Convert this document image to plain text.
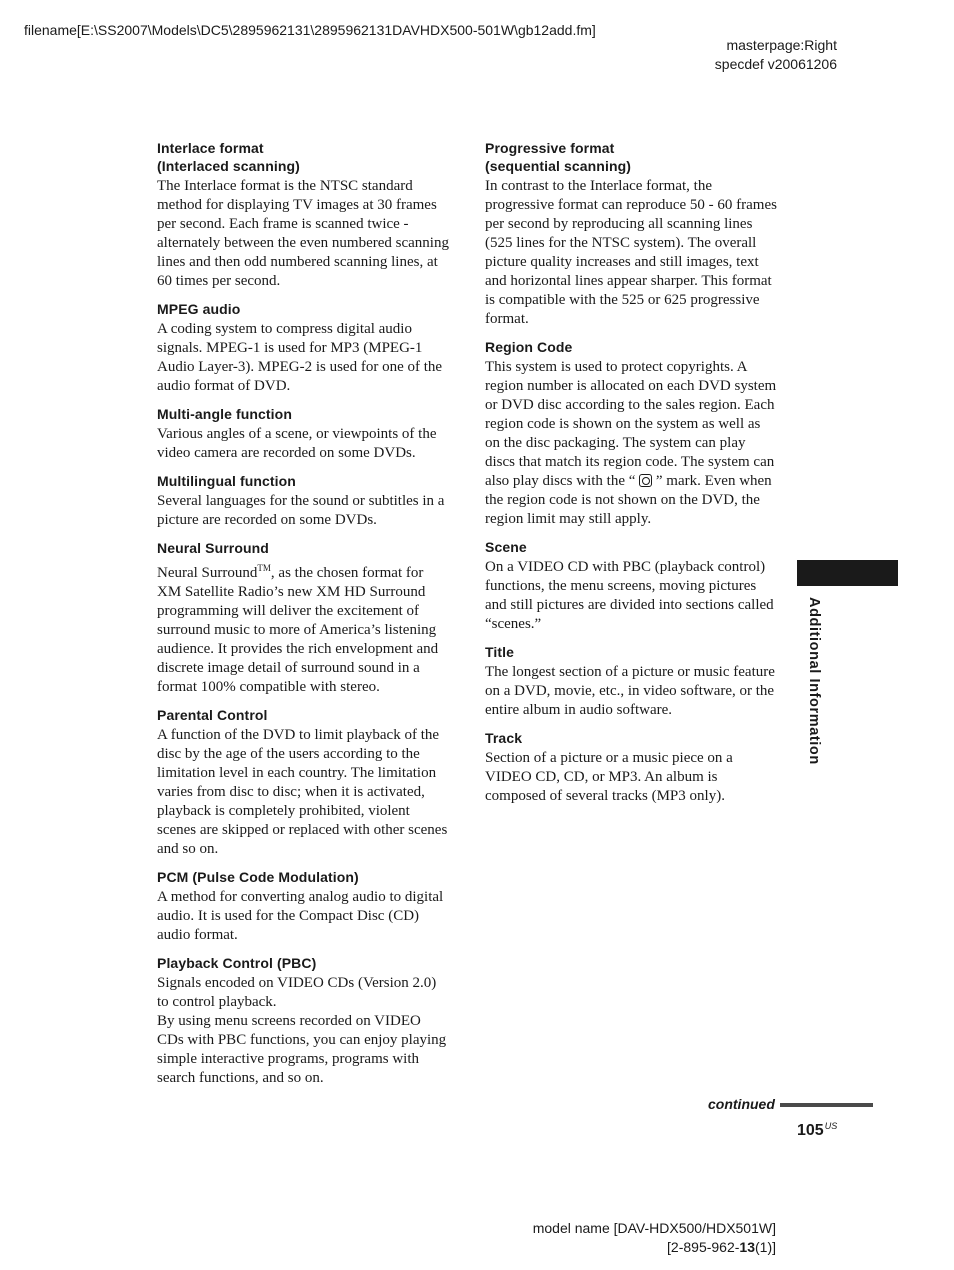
filename[E:\SS2007\Models\DC5\2895962131\2895962131DAVHDX500-501W\gb12add.fm]
masterpage:Right
specdef v20061206
Interlace format
(Interlaced scanning)
The Interlace format is the NTSC standard method for displaying TV images at 30 frames per second. Each frame is scanned twice - alternately between the even numbered scanning lines and then odd numbered scanning lines, at 60 times per second.
MPEG audio
A coding system to compress digital audio signals. MPEG-1 is used for MP3 (MPEG-1 Audio Layer-3). MPEG-2 is used for one of the audio format of DVD.
Multi-angle function
Various angles of a scene, or viewpoints of the video camera are recorded on some DVDs.
Multilingual function
Several languages for the sound or subtitles in a picture are recorded on some DVDs.
Neural Surround
Neural Surround™, as the chosen format for XM Satellite Radio’s new XM HD Surround programming will deliver the excitement of surround music to more of America’s listening audience. It provides the rich envelopment and discrete image detail of surround sound in a format 100% compatible with stereo.
Parental Control
A function of the DVD to limit playback of the disc by the age of the users according to the limitation level in each country. The limitation varies from disc to disc; when it is activated, playback is completely prohibited, violent scenes are skipped or replaced with other scenes and so on.
PCM (Pulse Code Modulation)
A method for converting analog audio to digital audio. It is used for the Compact Disc (CD) audio format.
Playback Control (PBC)

Signals encoded on VIDEO CDs (Version 2.0) to control playback.

By using menu screens recorded on VIDEO CDs with PBC functions, you can enjoy playing simple interactive programs, programs with search functions, and so on.

Progressive format
(sequential scanning)
In contrast to the Interlace format, the progressive format can reproduce 50 - 60 frames per second by reproducing all scanning lines (525 lines for the NTSC system). The overall picture quality increases and still images, text and horizontal lines appear sharper. This format is compatible with the 525 or 625 progressive format.
Region Code
This system is used to protect copyrights. A region number is allocated on each DVD system or DVD disc according to the sales region. Each region code is shown on the system as well as on the disc packaging. The system can play discs that match its region code. The system can also play discs with the “ ” mark. Even when the region code is not shown on the DVD, the region limit may still apply.
Scene
On a VIDEO CD with PBC (playback control) functions, the menu screens, moving pictures and still pictures are divided into sections called “scenes.”
Title
The longest section of a picture or music feature on a DVD, movie, etc., in video software, or the entire album in audio software.
Track
Section of a picture or a music piece on a VIDEO CD, CD, or MP3. An album is composed of several tracks (MP3 only).
Additional Information
continued
$105^{US}$
model name [DAV-HDX500/HDX501W]
[2-895-962-13(1)]
